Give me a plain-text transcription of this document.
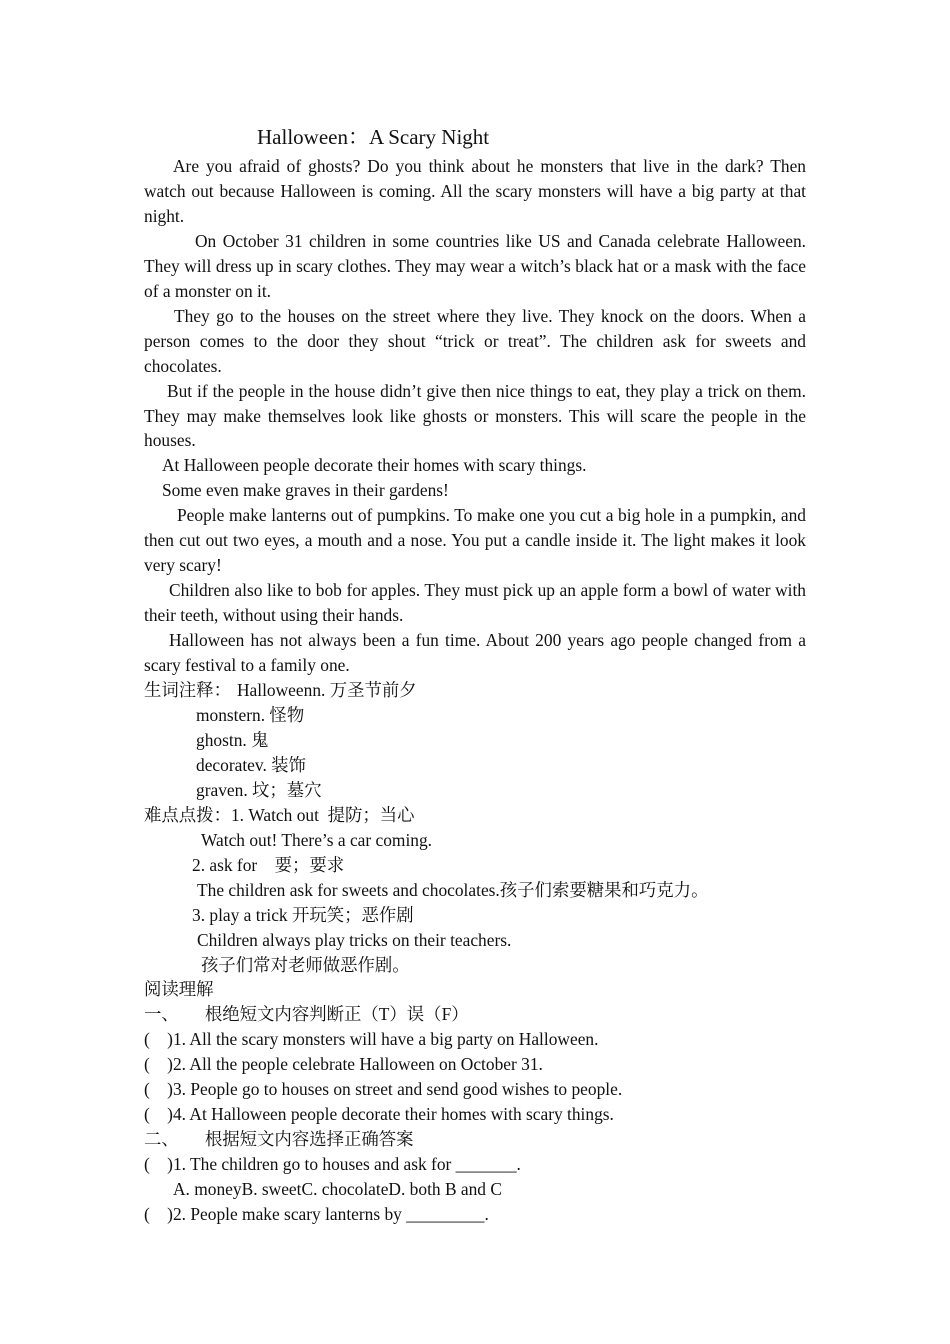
Halloween：A Scary Night
Are you afraid of ghosts? Do you think about he monsters that live in the dark? Then watch out because Halloween is coming. All the scary monsters will have a big party at that night.
On October 31 children in some countries like US and Canada celebrate Halloween. They will dress up in scary clothes. They may wear a witch’s black hat or a mask with the face of a monster on it.
They go to the houses on the street where they live. They knock on the doors. When a person comes to the door they shout “trick or treat”. The children ask for sweets and chocolates.
But if the people in the house didn’t give then nice things to eat, they play a trick on them. They may make themselves look like ghosts or monsters. This will scare the people in the houses.
At Halloween people decorate their homes with scary things.
Some even make graves in their gardens!
People make lanterns out of pumpkins. To make one you cut a big hole in a pumpkin, and then cut out two eyes, a mouth and a nose. You put a candle inside it. The light makes it look very scary!
Children also like to bob for apples. They must pick up an apple form a bowl of water with their teeth, without using their hands.
Halloween has not always been a fun time. About 200 years ago people changed from a scary festival to a family one.
生词注释： Halloweenn. 万圣节前夕
monstern. 怪物
ghostn. 鬼
decoratev. 装饰
graven. 坟；墓穴
难点点拨：1. Watch out  提防；当心
Watch out! There’s a car coming.
2. ask for    要；要求
The children ask for sweets and chocolates.孩子们索要糖果和巧克力。
3. play a trick 开玩笑；恶作剧
Children always play tricks on their teachers.
孩子们常对老师做恶作剧。
阅读理解
一、      根绝短文内容判断正（T）误（F）
(    )1. All the scary monsters will have a big party on Halloween.
(    )2. All the people celebrate Halloween on October 31.
(    )3. People go to houses on street and send good wishes to people.
(    )4. At Halloween people decorate their homes with scary things.
二、      根据短文内容选择正确答案
(    )1. The children go to houses and ask for _______.
A. moneyB. sweetC. chocolateD. both B and C
(    )2. People make scary lanterns by _________.
